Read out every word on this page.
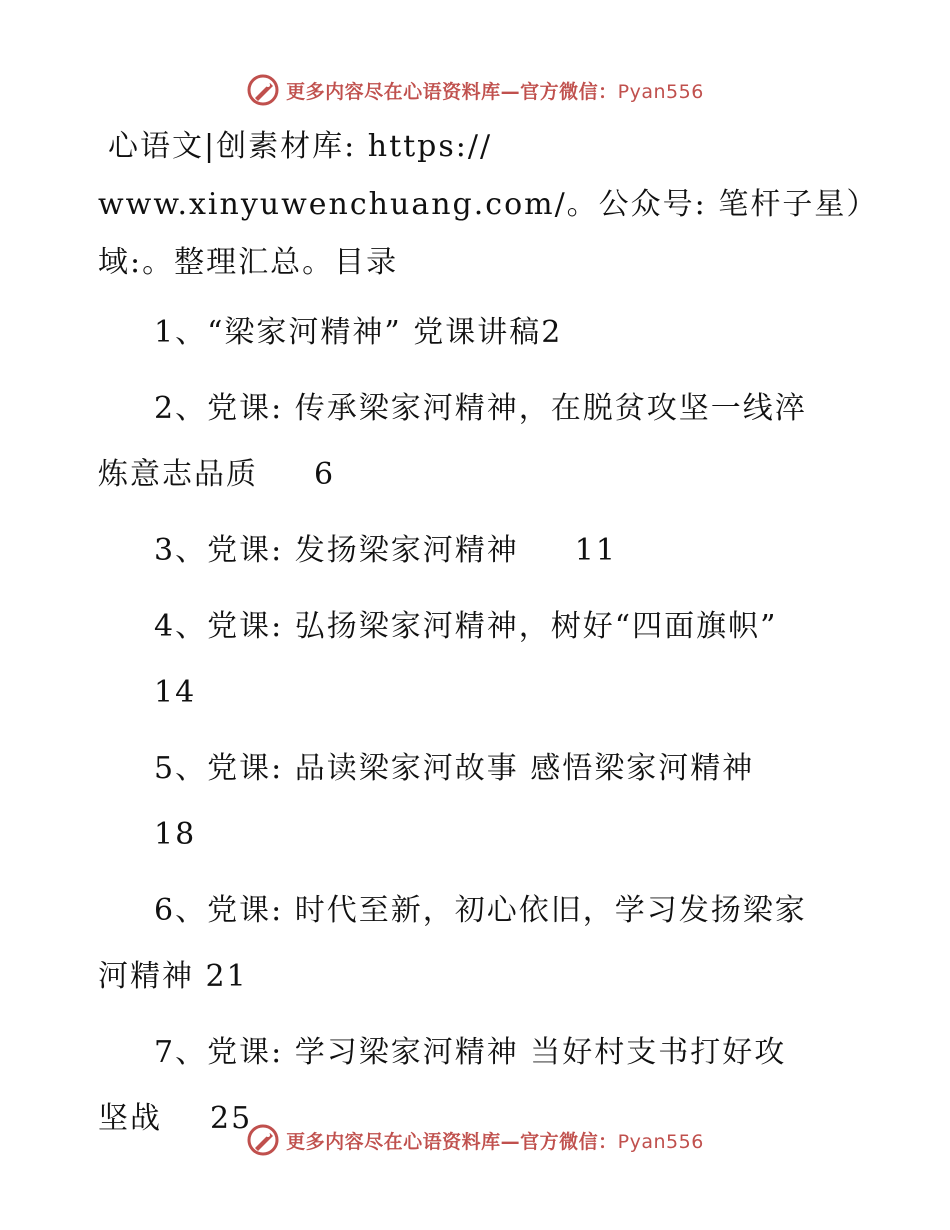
更多内容尽在心语资料库—官方微信：Pyan556
心语文|创素材库: https://
www.xinyuwenchuang.com/。公众号: 笔杆子星）
域:。整理汇总。目录
1、“梁家河精神” 党课讲稿2
2、党课: 传承梁家河精神，在脱贫攻坚一线淬
炼意志品质 6
3、党课: 发扬梁家河精神 11
4、党课: 弘扬梁家河精神，树好“四面旗帜”
14
5、党课: 品读梁家河故事 感悟梁家河精神
18
6、党课: 时代至新，初心依旧，学习发扬梁家
河精神 21
7、党课: 学习梁家河精神 当好村支书打好攻
坚战 25
更多内容尽在心语资料库—官方微信：Pyan556
